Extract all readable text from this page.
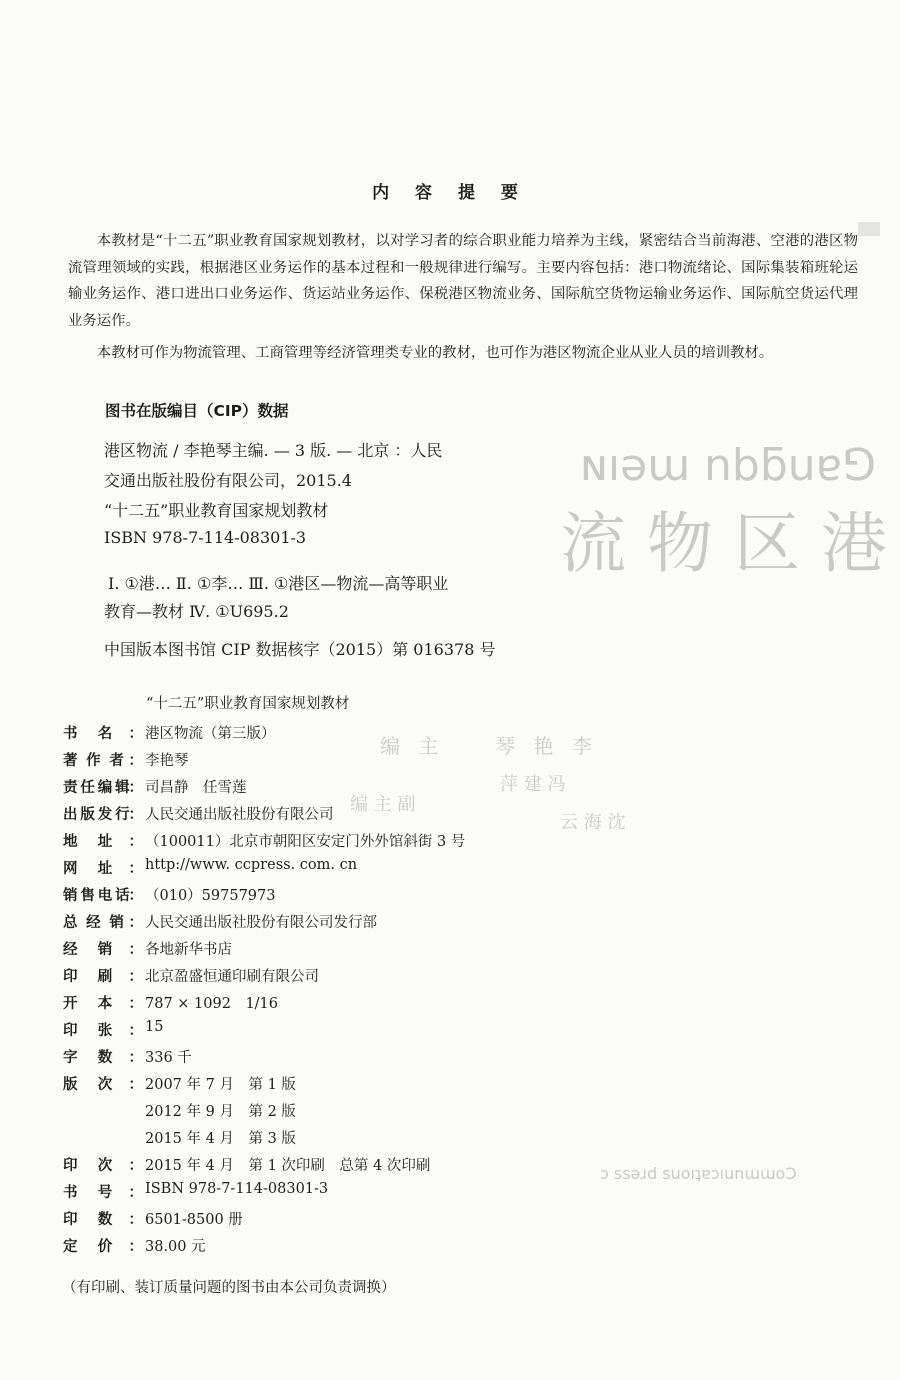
ɴıǝɯ nbƃuɐ⅁
流 物 区 港
编 主 　 琴 艳 李
萍 建 冯
编 主 副
云 海 沈
ɔ ssǝɹd suoıʇɐɔıunɯɯoƆ
内 容 提 要

本教材是“十二五”职业教育国家规划教材，以对学习者的综合职业能力培养为主线，紧密结合当前海港、空港的港区物流管理领域的实践，根据港区业务运作的基本过程和一般规律进行编写。主要内容包括：港口物流绪论、国际集装箱班轮运输业务运作、港口进出口业务运作、货运站业务运作、保税港区物流业务、国际航空货物运输业务运作、国际航空货运代理业务运作。

本教材可作为物流管理、工商管理等经济管理类专业的教材，也可作为港区物流企业从业人员的培训教材。

图书在版编目（CIP）数据
港区物流 / 李艳琴主编. — 3 版. — 北京 ：人民
交通出版社股份有限公司，2015.4
“十二五”职业教育国家规划教材
ISBN 978-7-114-08301-3
Ⅰ. ①港… Ⅱ. ①李… Ⅲ. ①港区—物流—高等职业
教育—教材 Ⅳ. ①U695.2
中国版本图书馆 CIP 数据核字（2015）第 016378 号
“十二五”职业教育国家规划教材
书 名 ： 港区物流（第三版）
著 作 者 ： 李艳琴
责 任 编 辑
： 司昌静　任雪莲
出 版 发 行
： 人民交通出版社股份有限公司
地 址 ： （100011）北京市朝阳区安定门外外馆斜街 3 号
网 址 ： http://www. ccpress. com. cn
销 售 电 话
： （010）59757973
总 经 销 ： 人民交通出版社股份有限公司发行部
经 销 ： 各地新华书店
印 刷 ： 北京盈盛恒通印刷有限公司
开 本 ： 787 × 1092　1/16
印 张 ： 15
字 数 ： 336 千
版 次 ： 2007 年 7 月　第 1 版
2012 年 9 月　第 2 版
2015 年 4 月　第 3 版
印 次 ： 2015 年 4 月　第 1 次印刷　总第 4 次印刷
书 号 ： ISBN 978-7-114-08301-3
印 数 ： 6501-8500 册
定 价 ： 38.00 元
（有印刷、装订质量问题的图书由本公司负责调换）
